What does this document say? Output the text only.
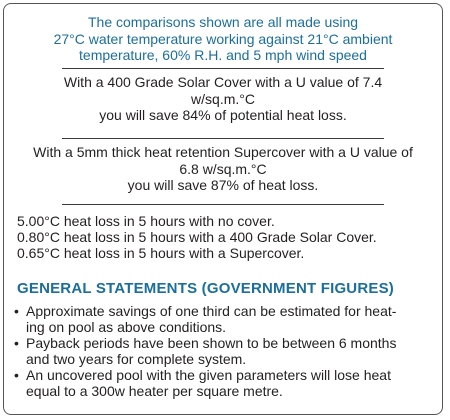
The comparisons shown are all made using
27°C water temperature working against 21°C ambient
temperature, 60% R.H. and 5 mph wind speed
With a 400 Grade Solar Cover with a U value of 7.4
w/sq.m.°C
you will save 84% of potential heat loss.
With a 5mm thick heat retention Supercover with a U value of
6.8 w/sq.m.°C
you will save 87% of heat loss.
5.00°C heat loss in 5 hours with no cover.
0.80°C heat loss in 5 hours with a 400 Grade Solar Cover.
0.65°C heat loss in 5 hours with a Supercover.
GENERAL STATEMENTS (GOVERNMENT FIGURES)
• Approximate savings of one third can be estimated for heat-
ing on pool as above conditions.
• Payback periods have been shown to be between 6 months
and two years for complete system.
• An uncovered pool with the given parameters will lose heat
equal to a 300w heater per square metre.
